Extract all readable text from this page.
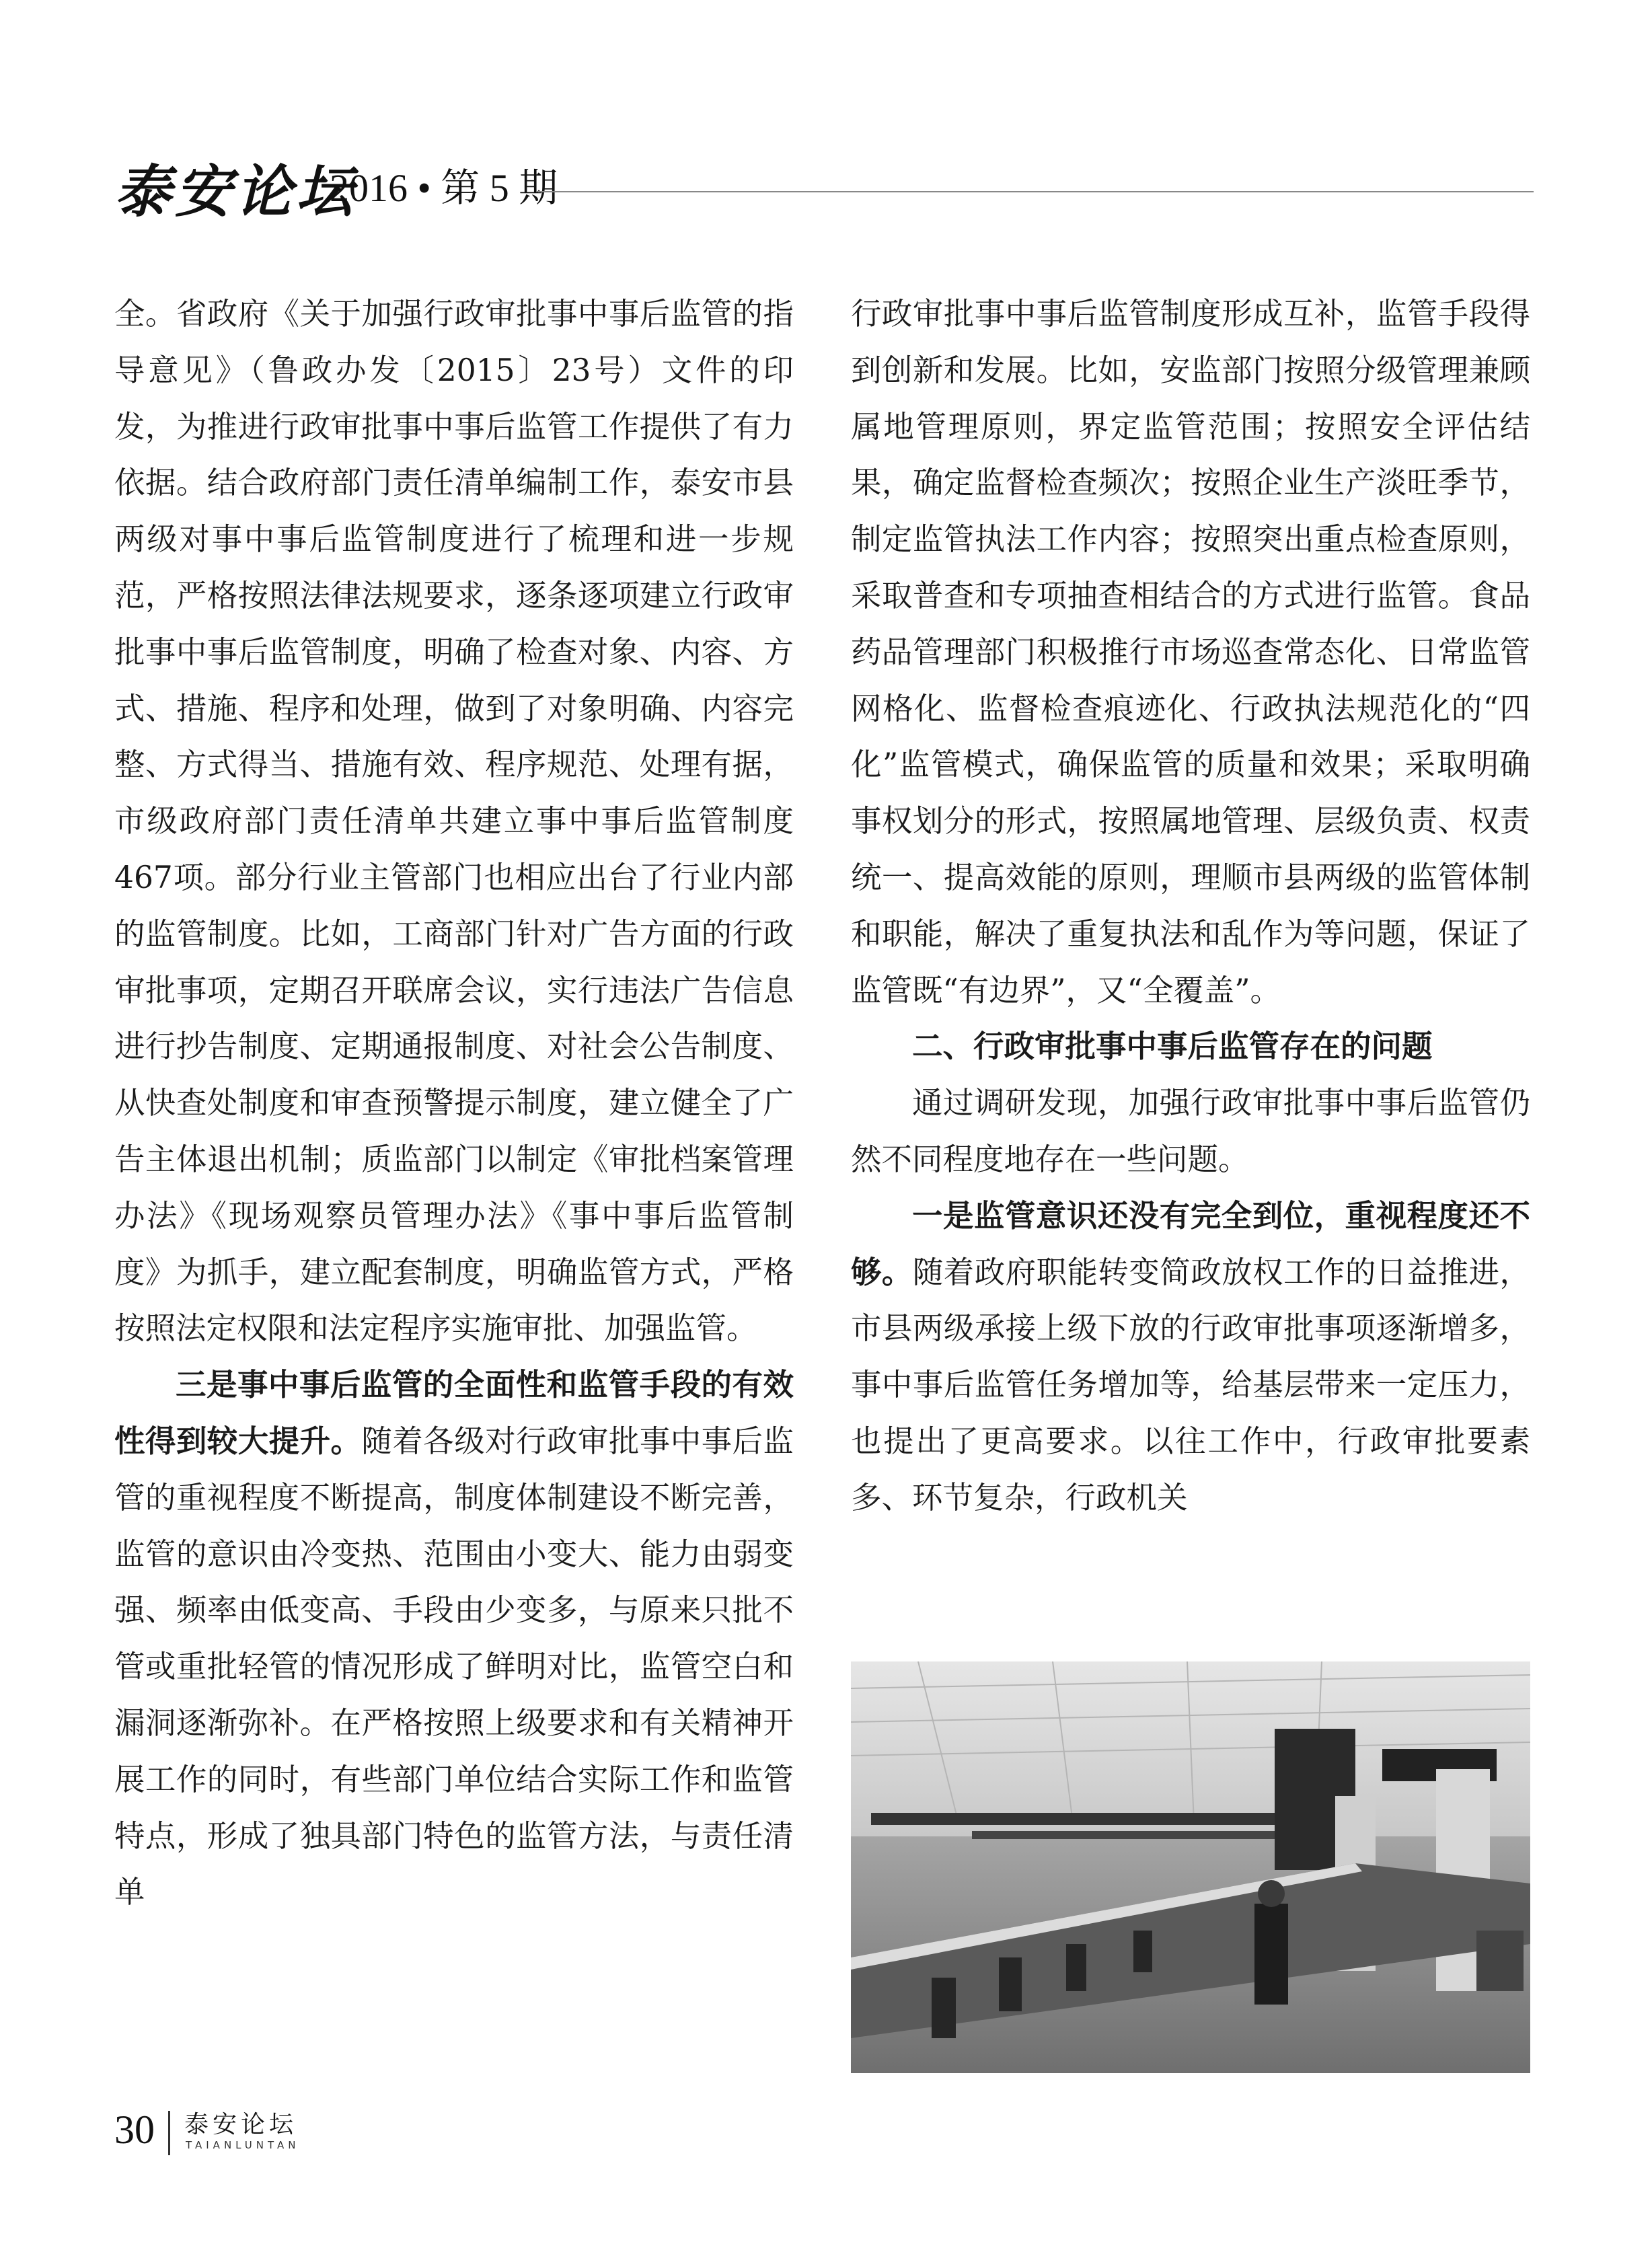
泰安论坛
2016 • 第 5 期

全。省政府《关于加强行政审批事中事后监管的指导意见》（鲁政办发〔2015〕23号）文件的印发，为推进行政审批事中事后监管工作提供了有力依据。结合政府部门责任清单编制工作，泰安市县两级对事中事后监管制度进行了梳理和进一步规范，严格按照法律法规要求，逐条逐项建立行政审批事中事后监管制度，明确了检查对象、内容、方式、措施、程序和处理，做到了对象明确、内容完整、方式得当、措施有效、程序规范、处理有据，市级政府部门责任清单共建立事中事后监管制度467项。部分行业主管部门也相应出台了行业内部的监管制度。比如，工商部门针对广告方面的行政审批事项，定期召开联席会议，实行违法广告信息进行抄告制度、定期通报制度、对社会公告制度、从快查处制度和审查预警提示制度，建立健全了广告主体退出机制；质监部门以制定《审批档案管理办法》《现场观察员管理办法》《事中事后监管制度》为抓手，建立配套制度，明确监管方式，严格按照法定权限和法定程序实施审批、加强监管。

三是事中事后监管的全面性和监管手段的有效性得到较大提升。随着各级对行政审批事中事后监管的重视程度不断提高，制度体制建设不断完善，监管的意识由冷变热、范围由小变大、能力由弱变强、频率由低变高、手段由少变多，与原来只批不管或重批轻管的情况形成了鲜明对比，监管空白和漏洞逐渐弥补。在严格按照上级要求和有关精神开展工作的同时，有些部门单位结合实际工作和监管特点，形成了独具部门特色的监管方法，与责任清单

行政审批事中事后监管制度形成互补，监管手段得到创新和发展。比如，安监部门按照分级管理兼顾属地管理原则，界定监管范围；按照安全评估结果，确定监督检查频次；按照企业生产淡旺季节，制定监管执法工作内容；按照突出重点检查原则，采取普查和专项抽查相结合的方式进行监管。食品药品管理部门积极推行市场巡查常态化、日常监管网格化、监督检查痕迹化、行政执法规范化的“四化”监管模式，确保监管的质量和效果；采取明确事权划分的形式，按照属地管理、层级负责、权责统一、提高效能的原则，理顺市县两级的监管体制和职能，解决了重复执法和乱作为等问题，保证了监管既“有边界”，又“全覆盖”。

二、行政审批事中事后监管存在的问题

通过调研发现，加强行政审批事中事后监管仍然不同程度地存在一些问题。

一是监管意识还没有完全到位，重视程度还不够。随着政府职能转变简政放权工作的日益推进，市县两级承接上级下放的行政审批事项逐渐增多，事中事后监管任务增加等，给基层带来一定压力，也提出了更高要求。以往工作中，行政审批要素多、环节复杂，行政机关

30 泰安论坛
TAIANLUNTAN
